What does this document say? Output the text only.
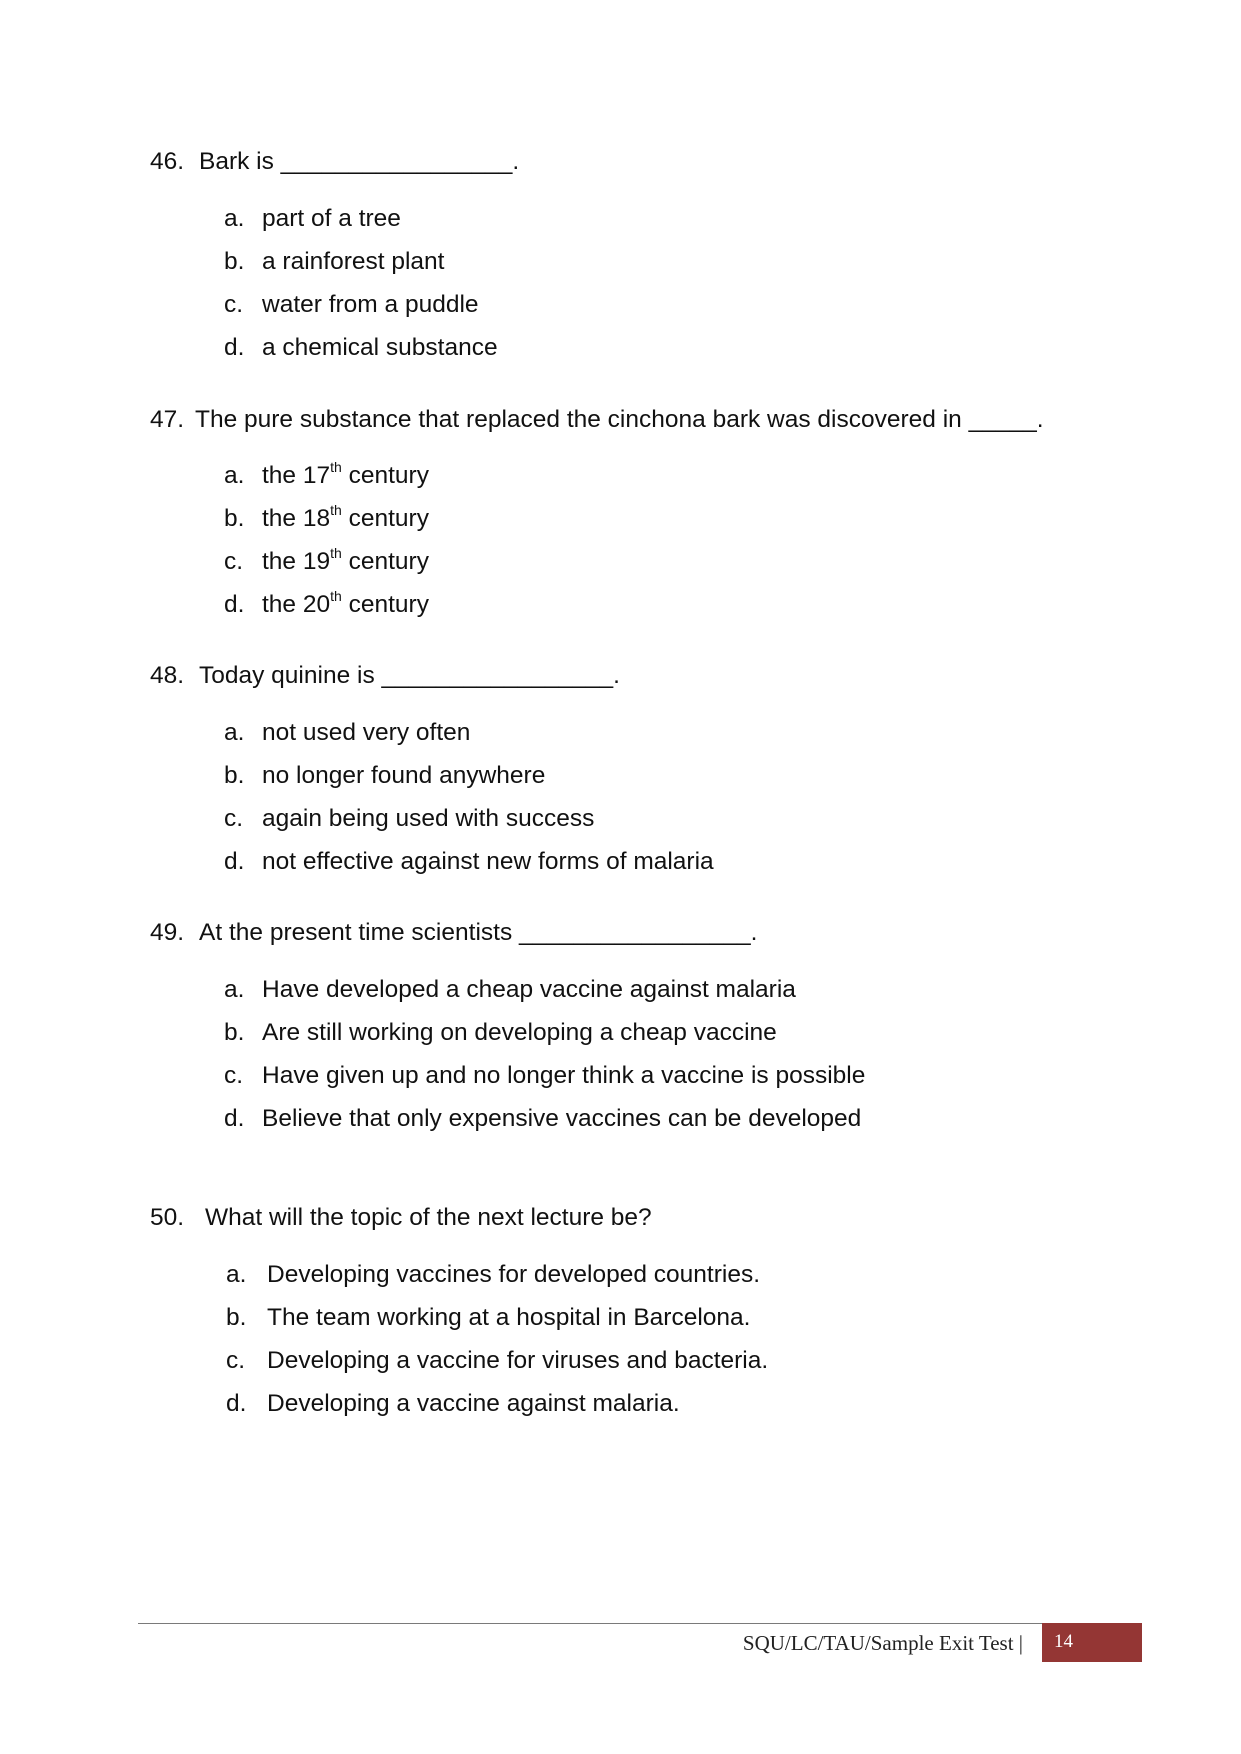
46. Bark is _________________.
a. part of a tree
b. a rainforest plant
c. water from a puddle
d. a chemical substance
47. The pure substance that replaced the cinchona bark was discovered in _____.
a. the 17th century
b. the 18th century
c. the 19th century
d. the 20th century
48. Today quinine is _________________.
a. not used very often
b. no longer found anywhere
c. again being used with success
d. not effective against new forms of malaria
49. At the present time scientists _________________.
a. Have developed a cheap vaccine against malaria
b. Are still working on developing a cheap vaccine
c. Have given up and no longer think a vaccine is possible
d. Believe that only expensive vaccines can be developed
50. What will the topic of the next lecture be?
a. Developing vaccines for developed countries.
b. The team working at a hospital in Barcelona.
c. Developing a vaccine for viruses and bacteria.
d. Developing a vaccine against malaria.
SQU/LC/TAU/Sample Exit Test | 14
